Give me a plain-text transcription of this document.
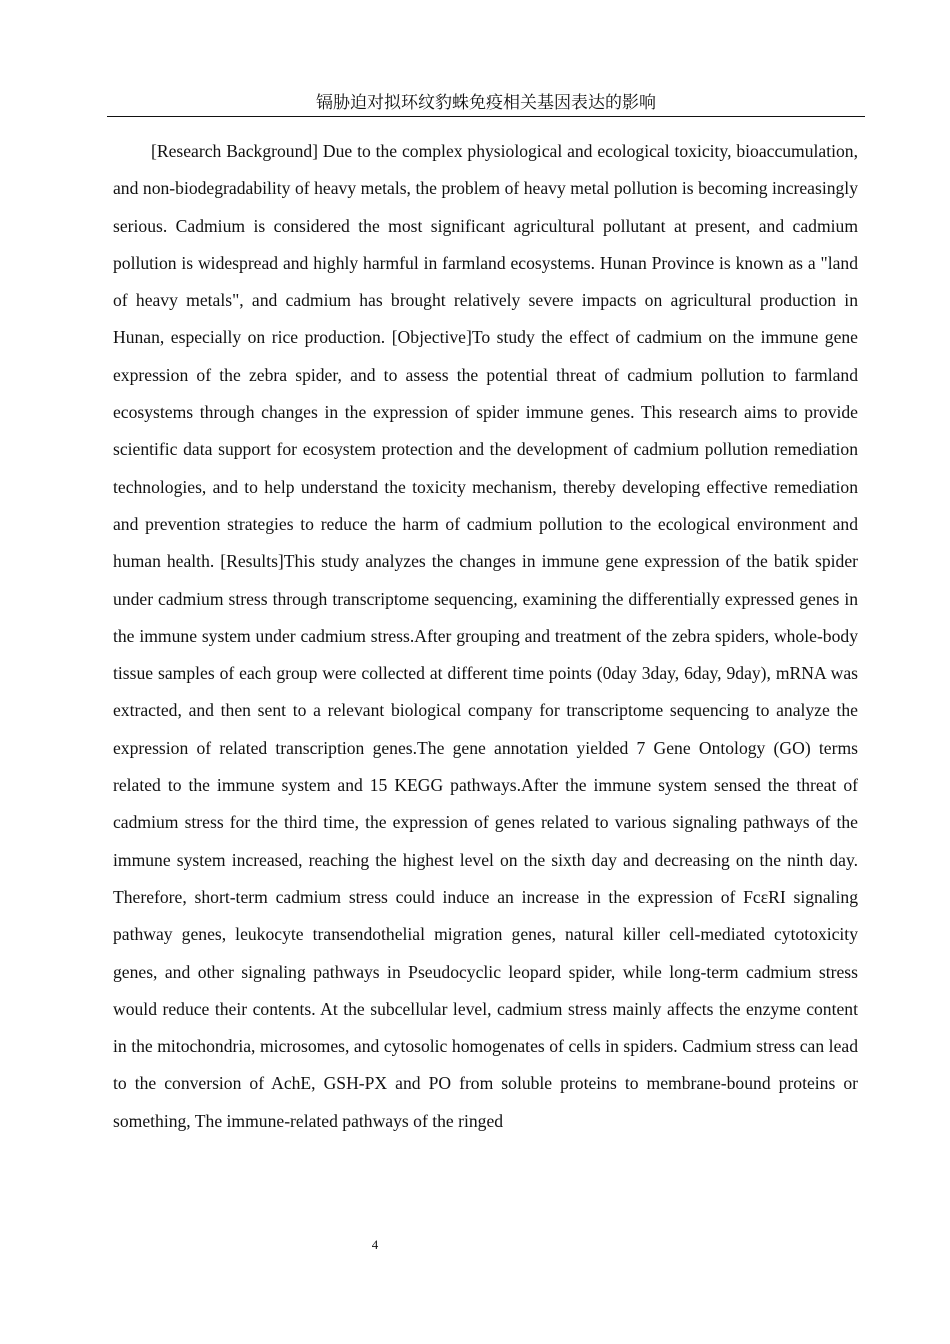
镉胁迫对拟环纹豹蛛免疫相关基因表达的影响

[Research Background] Due to the complex physiological and ecological toxicity, bioaccumulation, and non-biodegradability of heavy metals, the problem of heavy metal pollution is becoming increasingly serious. Cadmium is considered the most significant agricultural pollutant at present, and cadmium pollution is widespread and highly harmful in farmland ecosystems. Hunan Province is known as a "land of heavy metals", and cadmium has brought relatively severe impacts on agricultural production in Hunan, especially on rice production. [Objective]To study the effect of cadmium on the immune gene expression of the zebra spider, and to assess the potential threat of cadmium pollution to farmland ecosystems through changes in the expression of spider immune genes. This research aims to provide scientific data support for ecosystem protection and the development of cadmium pollution remediation technologies, and to help understand the toxicity mechanism, thereby developing effective remediation and prevention strategies to reduce the harm of cadmium pollution to the ecological environment and human health. [Results]This study analyzes the changes in immune gene expression of the batik spider under cadmium stress through transcriptome sequencing, examining the differentially expressed genes in the immune system under cadmium stress.After grouping and treatment of the zebra spiders, whole-body tissue samples of each group were collected at different time points (0day 3day, 6day, 9day), mRNA was extracted, and then sent to a relevant biological company for transcriptome sequencing to analyze the expression of related transcription genes.The gene annotation yielded 7 Gene Ontology (GO) terms related to the immune system and 15 KEGG pathways.After the immune system sensed the threat of cadmium stress for the third time, the expression of genes related to various signaling pathways of the immune system increased, reaching the highest level on the sixth day and decreasing on the ninth day. Therefore, short-term cadmium stress could induce an increase in the expression of FcεRI signaling pathway genes, leukocyte transendothelial migration genes, natural killer cell-mediated cytotoxicity genes, and other signaling pathways in Pseudocyclic leopard spider, while long-term cadmium stress would reduce their contents. At the subcellular level, cadmium stress mainly affects the enzyme content in the mitochondria, microsomes, and cytosolic homogenates of cells in spiders. Cadmium stress can lead to the conversion of AchE, GSH-PX and PO from soluble proteins to membrane-bound proteins or something, The immune-related pathways of the ringed

4
